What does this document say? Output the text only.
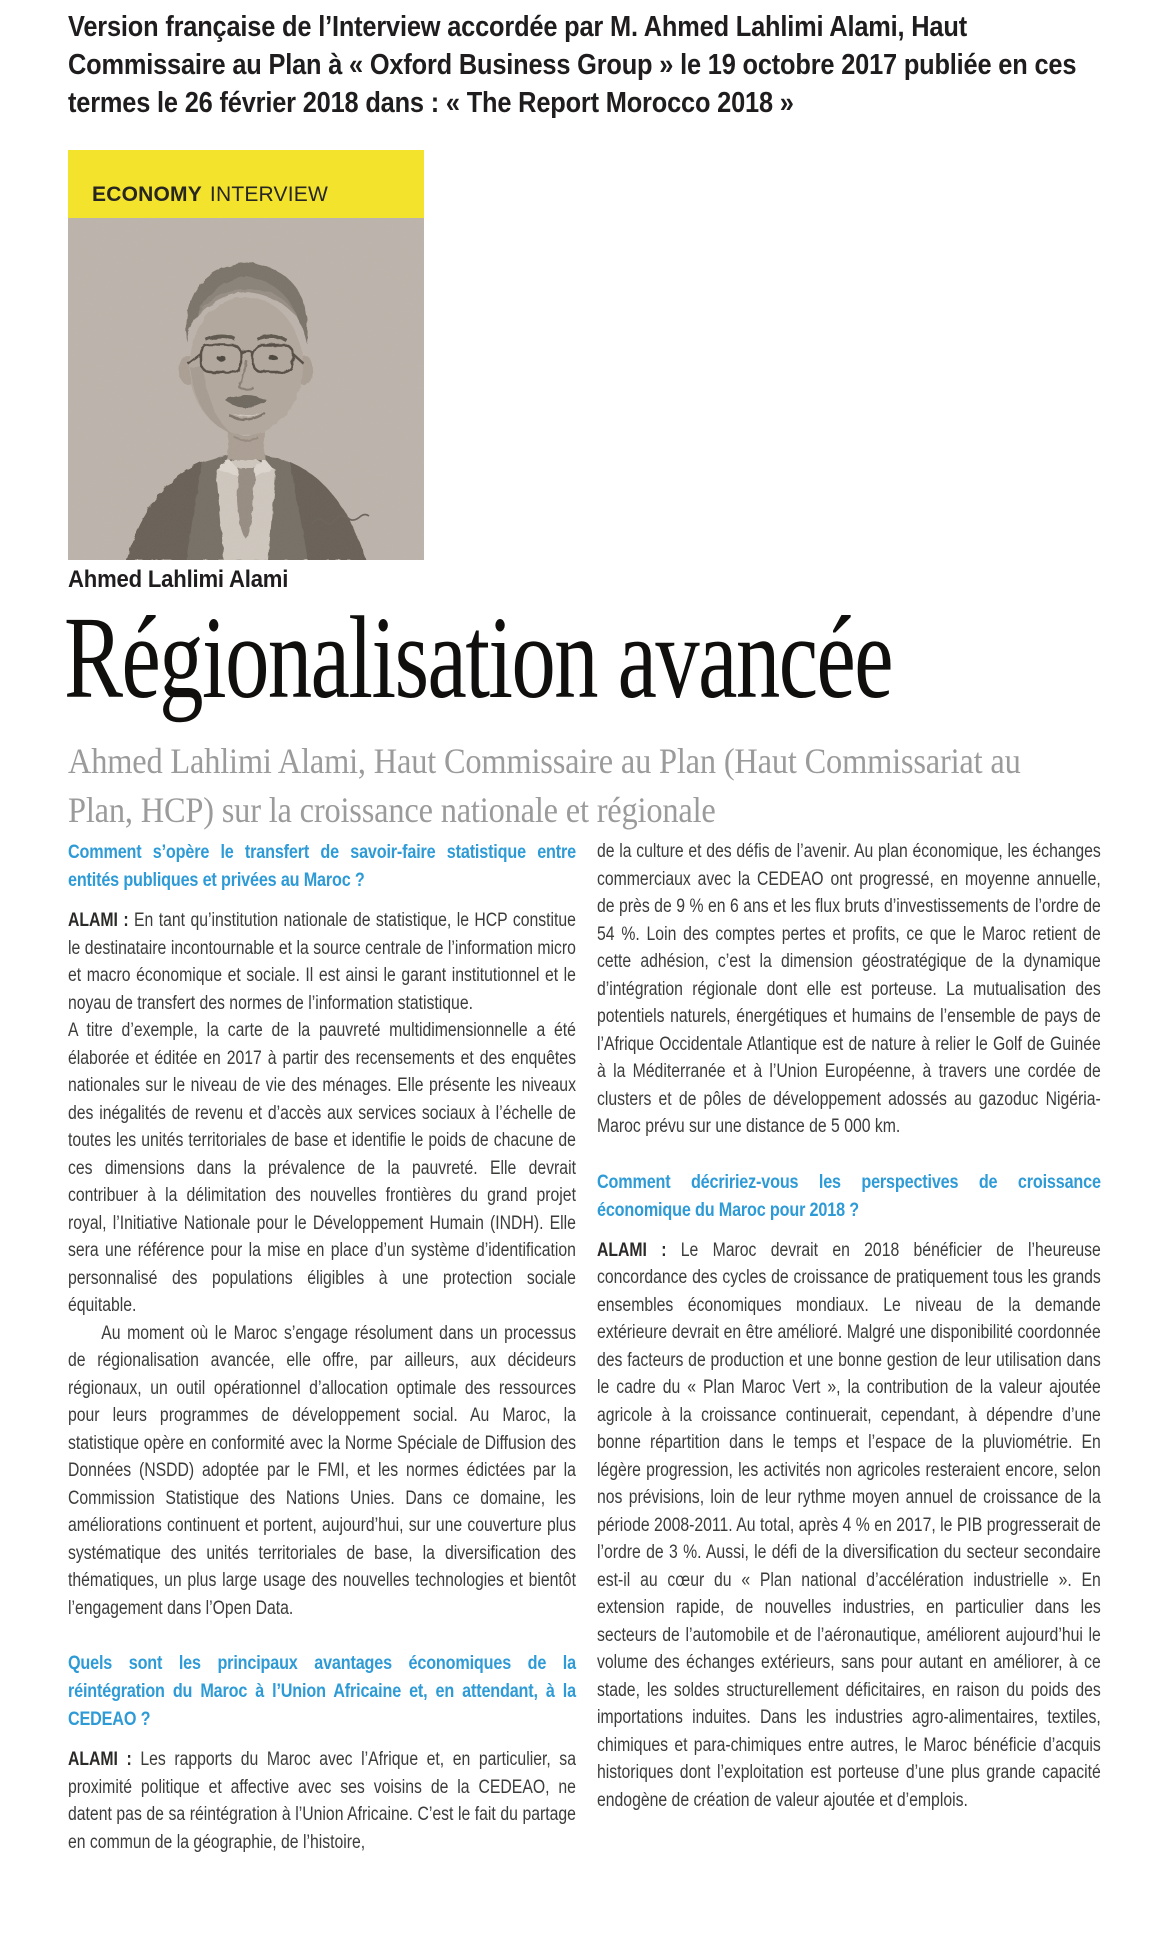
Version française de l’Interview accordée par M. Ahmed Lahlimi Alami, Haut Commissaire au Plan à « Oxford Business Group » le 19 octobre 2017 publiée en ces termes le 26 février 2018 dans : « The Report Morocco 2018 »

ECONOMY INTERVIEW
Ahmed Lahlimi Alami
Régionalisation avancée
Ahmed Lahlimi Alami, Haut Commissaire au Plan (Haut Commissariat au Plan, HCP) sur la croissance nationale et régionale

Comment s’opère le transfert de savoir-faire statistique entre entités publiques et privées au Maroc ?

ALAMI : En tant qu’institution nationale de statistique, le HCP constitue le destinataire incontournable et la source centrale de l’information micro et macro économique et sociale. Il est ainsi le garant institutionnel et le noyau de transfert des normes de l’information statistique.

A titre d’exemple, la carte de la pauvreté multidimensionnelle a été élaborée et éditée en 2017 à partir des recensements et des enquêtes nationales sur le niveau de vie des ménages. Elle présente les niveaux des inégalités de revenu et d’accès aux services sociaux à l’échelle de toutes les unités territoriales de base et identifie le poids de chacune de ces dimensions dans la prévalence de la pauvreté. Elle devrait contribuer à la délimitation des nouvelles frontières du grand projet royal, l’Initiative Nationale pour le Développement Humain (INDH). Elle sera une référence pour la mise en place d’un système d’identification personnalisé des populations éligibles à une protection sociale équitable.

Au moment où le Maroc s’engage résolument dans un processus de régionalisation avancée, elle offre, par ailleurs, aux décideurs régionaux, un outil opérationnel d’allocation optimale des ressources pour leurs programmes de développement social. Au Maroc, la statistique opère en conformité avec la Norme Spéciale de Diffusion des Données (NSDD) adoptée par le FMI, et les normes édictées par la Commission Statistique des Nations Unies. Dans ce domaine, les améliorations continuent et portent, aujourd’hui, sur une couverture plus systématique des unités territoriales de base, la diversification des thématiques, un plus large usage des nouvelles technologies et bientôt l’engagement dans l’Open Data.

Quels sont les principaux avantages économiques de la réintégration du Maroc à l’Union Africaine et, en attendant, à la CEDEAO ?

ALAMI : Les rapports du Maroc avec l’Afrique et, en particulier, sa proximité politique et affective avec ses voisins de la CEDEAO, ne datent pas de sa réintégration à l’Union Africaine. C’est le fait du partage en commun de la géographie, de l’histoire,

de la culture et des défis de l’avenir. Au plan économique, les échanges commerciaux avec la CEDEAO ont progressé, en moyenne annuelle, de près de 9 % en 6 ans et les flux bruts d’investissements de l’ordre de 54 %. Loin des comptes pertes et profits, ce que le Maroc retient de cette adhésion, c’est la dimension géostratégique de la dynamique d’intégration régionale dont elle est porteuse. La mutualisation des potentiels naturels, énergétiques et humains de l’ensemble de pays de l’Afrique Occidentale Atlantique est de nature à relier le Golf de Guinée à la Méditerranée et à l’Union Européenne, à travers une cordée de clusters et de pôles de développement adossés au gazoduc Nigéria-Maroc prévu sur une distance de 5 000 km.

Comment décririez-vous les perspectives de croissance économique du Maroc pour 2018 ?

ALAMI : Le Maroc devrait en 2018 bénéficier de l’heureuse concordance des cycles de croissance de pratiquement tous les grands ensembles économiques mondiaux. Le niveau de la demande extérieure devrait en être amélioré. Malgré une disponibilité coordonnée des facteurs de production et une bonne gestion de leur utilisation dans le cadre du « Plan Maroc Vert », la contribution de la valeur ajoutée agricole à la croissance continuerait, cependant, à dépendre d’une bonne répartition dans le temps et l’espace de la pluviométrie. En légère progression, les activités non agricoles resteraient encore, selon nos prévisions, loin de leur rythme moyen annuel de croissance de la période 2008-2011. Au total, après 4 % en 2017, le PIB progresserait de l’ordre de 3 %. Aussi, le défi de la diversification du secteur secondaire est-il au cœur du « Plan national d’accélération industrielle ». En extension rapide, de nouvelles industries, en particulier dans les secteurs de l’automobile et de l’aéronautique, améliorent aujourd’hui le volume des échanges extérieurs, sans pour autant en améliorer, à ce stade, les soldes structurellement déficitaires, en raison du poids des importations induites. Dans les industries agro-alimentaires, textiles, chimiques et para-chimiques entre autres, le Maroc bénéficie d’acquis historiques dont l’exploitation est porteuse d’une plus grande capacité endogène de création de valeur ajoutée et d’emplois.
